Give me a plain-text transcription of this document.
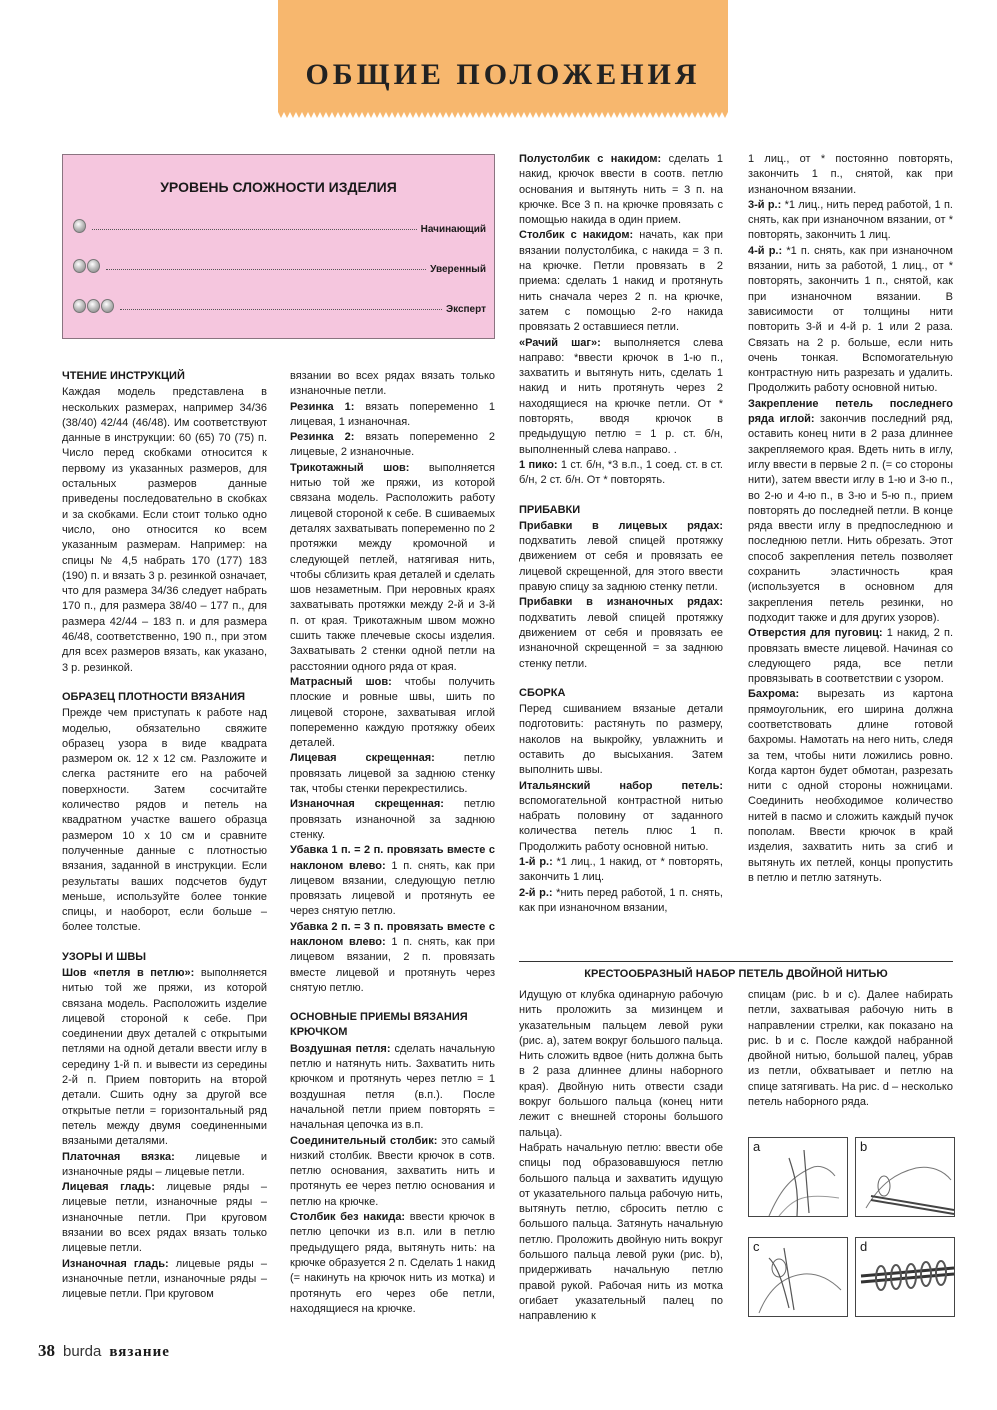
ОБЩИЕ ПОЛОЖЕНИЯ
УРОВЕНЬ СЛОЖНОСТИ ИЗДЕЛИЯ
Начинающий
Уверенный
Эксперт
ЧТЕНИЕ ИНСТРУКЦИЙ

Каждая модель представлена в нескольких размерах, например 34/36 (38/40) 42/44 (46/48). Им соответствуют данные в инструкции: 60 (65) 70 (75) п. Число перед скобками относится к первому из указанных размеров, для остальных размеров данные приведены последовательно в скобках и за скобками. Если стоит только одно число, оно относится ко всем указанным размерам. Например: на спицы № 4,5 набрать 170 (177) 183 (190) п. и вязать 3 р. резинкой означает, что для размера 34/36 следует набрать 170 п., для размера 38/40 – 177 п., для размера 42/44 – 183 п. и для размера 46/48, соответственно, 190 п., при этом для всех размеров вязать, как указано, 3 р. резинкой.

ОБРАЗЕЦ ПЛОТНОСТИ ВЯЗАНИЯ

Прежде чем приступать к работе над моделью, обязательно свяжите образец узора в виде квадрата размером ок. 12 x 12 см. Разложите и слегка растяните его на рабочей поверхности. Затем сосчитайте количество рядов и петель на квадратном участке вашего образца размером 10 x 10 см и сравните полученные данные с плотностью вязания, заданной в инструкции. Если результаты ваших подсчетов будут меньше, используйте более тонкие спицы, и наоборот, если больше – более толстые.

УЗОРЫ И ШВЫ

Шов «петля в петлю»: выполняется нитью той же пряжи, из которой связана модель. Расположить изделие лицевой стороной к себе. При соединении двух деталей с открытыми петлями на одной детали ввести иглу в середину 1-й п. и вывести из середины 2-й п. Прием повторить на второй детали. Сшить одну за другой все открытые петли = горизонтальный ряд петель между двумя соединенными вязаными деталями.

Платочная вязка: лицевые и изнаночные ряды – лицевые петли.

Лицевая гладь: лицевые ряды – лицевые петли, изнаночные ряды – изнаночные петли. При круговом вязании во всех рядах вязать только лицевые петли.

Изнаночная гладь: лицевые ряды – изнаночные петли, изнаночные ряды – лицевые петли. При круговом

вязании во всех рядах вязать только изнаночные петли.

Резинка 1: вязать попеременно 1 лицевая, 1 изнаночная.

Резинка 2: вязать попеременно 2 лицевые, 2 изнаночные.

Трикотажный шов: выполняется нитью той же пряжи, из которой связана модель. Расположить работу лицевой стороной к себе. В сшиваемых деталях захватывать попеременно по 2 протяжки между кромочной и следующей петлей, натягивая нить, чтобы сблизить края деталей и сделать шов незаметным. При неровных краях захватывать протяжки между 2-й и 3-й п. от края. Трикотажным швом можно сшить также плечевые скосы изделия. Захватывать 2 стенки одной петли на расстоянии одного ряда от края.

Матрасный шов: чтобы получить плоские и ровные швы, шить по лицевой стороне, захватывая иглой попеременно каждую протяжку обеих деталей.

Лицевая скрещенная: петлю провязать лицевой за заднюю стенку так, чтобы стенки перекрестились.

Изнаночная скрещенная: петлю провязать изнаночной за заднюю стенку.

Убавка 1 п. = 2 п. провязать вместе с наклоном влево: 1 п. снять, как при лицевом вязании, следующую петлю провязать лицевой и протянуть ее через снятую петлю.

Убавка 2 п. = 3 п. провязать вместе с наклоном влево: 1 п. снять, как при лицевом вязании, 2 п. провязать вместе лицевой и протянуть через снятую петлю.

ОСНОВНЫЕ ПРИЕМЫ ВЯЗАНИЯ КРЮЧКОМ

Воздушная петля: сделать начальную петлю и натянуть нить. Захватить нить крючком и протянуть через петлю = 1 воздушная петля (в.п.). После начальной петли прием повторять = начальная цепочка из в.п.

Соединительный столбик: это самый низкий столбик. Ввести крючок в сотв. петлю основания, захватить нить и протянуть ее через петлю основания и петлю на крючке.

Столбик без накида: ввести крючок в петлю цепочки из в.п. или в петлю предыдущего ряда, вытянуть нить: на крючке образуется 2 п. Сделать 1 накид (= накинуть на крючок нить из мотка) и протянуть его через обе петли, находящиеся на крючке.

Полустолбик с накидом: сделать 1 накид, крючок ввести в соотв. петлю основания и вытянуть нить = 3 п. на крючке. Все 3 п. на крючке провязать с помощью накида в один прием.

Столбик с накидом: начать, как при вязании полустолбика, с накида = 3 п. на крючке. Петли провязать в 2 приема: сделать 1 накид и протянуть нить сначала через 2 п. на крючке, затем с помощью 2-го накида провязать 2 оставшиеся петли.

«Рачий шаг»: выполняется слева направо: *ввести крючок в 1-ю п., захватить и вытянуть нить, сделать 1 накид и нить протянуть через 2 находящиеся на крючке петли. От * повторять, вводя крючок в предыдущую петлю = 1 р. ст. б/н, выполненный слева направо. .

1 пико: 1 ст. б/н, *3 в.п., 1 соед. ст. в ст. б/н, 2 ст. б/н. От * повторять.

ПРИБАВКИ

Прибавки в лицевых рядах: подхватить левой спицей протяжку движением от себя и провязать ее лицевой скрещенной, для этого ввести правую спицу за заднюю стенку петли.

Прибавки в изнаночных рядах: подхватить левой спицей протяжку движением от себя и провязать ее изнаночной скрещенной = за заднюю стенку петли.

СБОРКА

Перед сшиванием вязаные детали подготовить: растянуть по размеру, наколов на выкройку, увлажнить и оставить до высыхания. Затем выполнить швы.

Итальянский набор петель: вспомогательной контрастной нитью набрать половину от заданного количества петель плюс 1 п. Продолжить работу основной нитью.

1-й р.: *1 лиц., 1 накид, от * повторять, закончить 1 лиц.

2-й р.: *нить перед работой, 1 п. снять, как при изнаночном вязании,

1 лиц., от * постоянно повторять, закончить 1 п., снятой, как при изнаночном вязании.

3-й р.: *1 лиц., нить перед работой, 1 п. снять, как при изнаночном вязании, от * повторять, закончить 1 лиц.

4-й р.: *1 п. снять, как при изнаночном вязании, нить за работой, 1 лиц., от * повторять, закончить 1 п., снятой, как при изнаночном вязании. В зависимости от толщины нити повторить 3-й и 4-й р. 1 или 2 раза. Связать на 2 р. больше, если нить очень тонкая. Вспомогательную контрастную нить разрезать и удалить. Продолжить работу основной нитью.

Закрепление петель последнего ряда иглой: закончив последний ряд, оставить конец нити в 2 раза длиннее закрепляемого края. Вдеть нить в иглу, иглу ввести в первые 2 п. (= со стороны нити), затем ввести иглу в 1-ю и 3-ю п., во 2-ю и 4-ю п., в 3-ю и 5-ю п., прием повторять до последней петли. В конце ряда ввести иглу в предпоследнюю и последнюю петли. Нить обрезать. Этот способ закрепления петель позволяет сохранить эластичность края (используется в основном для закрепления петель резинки, но подходит также и для других узоров).

Отверстия для пуговиц: 1 накид, 2 п. провязать вместе лицевой. Начиная со следующего ряда, все петли провязывать в соответствии с узором.

Бахрома: вырезать из картона прямоугольник, его ширина должна соответствовать длине готовой бахромы. Намотать на него нить, следя за тем, чтобы нити ложились ровно. Когда картон будет обмотан, разрезать нити с одной стороны ножницами. Соединить необходимое количество нитей в пасмо и сложить каждый пучок пополам. Ввести крючок в край изделия, захватить нить за сгиб и вытянуть их петлей, концы пропустить в петлю и петлю затянуть.

КРЕСТООБРАЗНЫЙ НАБОР ПЕТЕЛЬ ДВОЙНОЙ НИТЬЮ

Идущую от клубка одинарную рабочую нить проложить за мизинцем и указательным пальцем левой руки (рис. a), затем вокруг большого пальца. Нить сложить вдвое (нить должна быть в 2 раза длиннее длины наборного края). Двойную нить отвести сзади вокруг большого пальца (конец нити лежит с внешней стороны большого пальца).

Набрать начальную петлю: ввести обе спицы под образовавшуюся петлю большого пальца и захватить идущую от указательного пальца рабочую нить, вытянуть петлю, сбросить петлю с большого пальца. Затянуть начальную петлю. Проложить двойную нить вокруг большого пальца левой руки (рис. b), придерживать начальную петлю правой рукой. Рабочая нить из мотка огибает указательный палец по направлению к

спицам (рис. b и c). Далее набирать петли, захватывая рабочую нить в направлении стрелки, как показано на рис. b и c. После каждой набранной двойной нитью, большой палец, убрав из петли, обхватывает и петлю на спице затягивать. На рис. d – несколько петель наборного ряда.

a	b
c	d
38 burda вязание
